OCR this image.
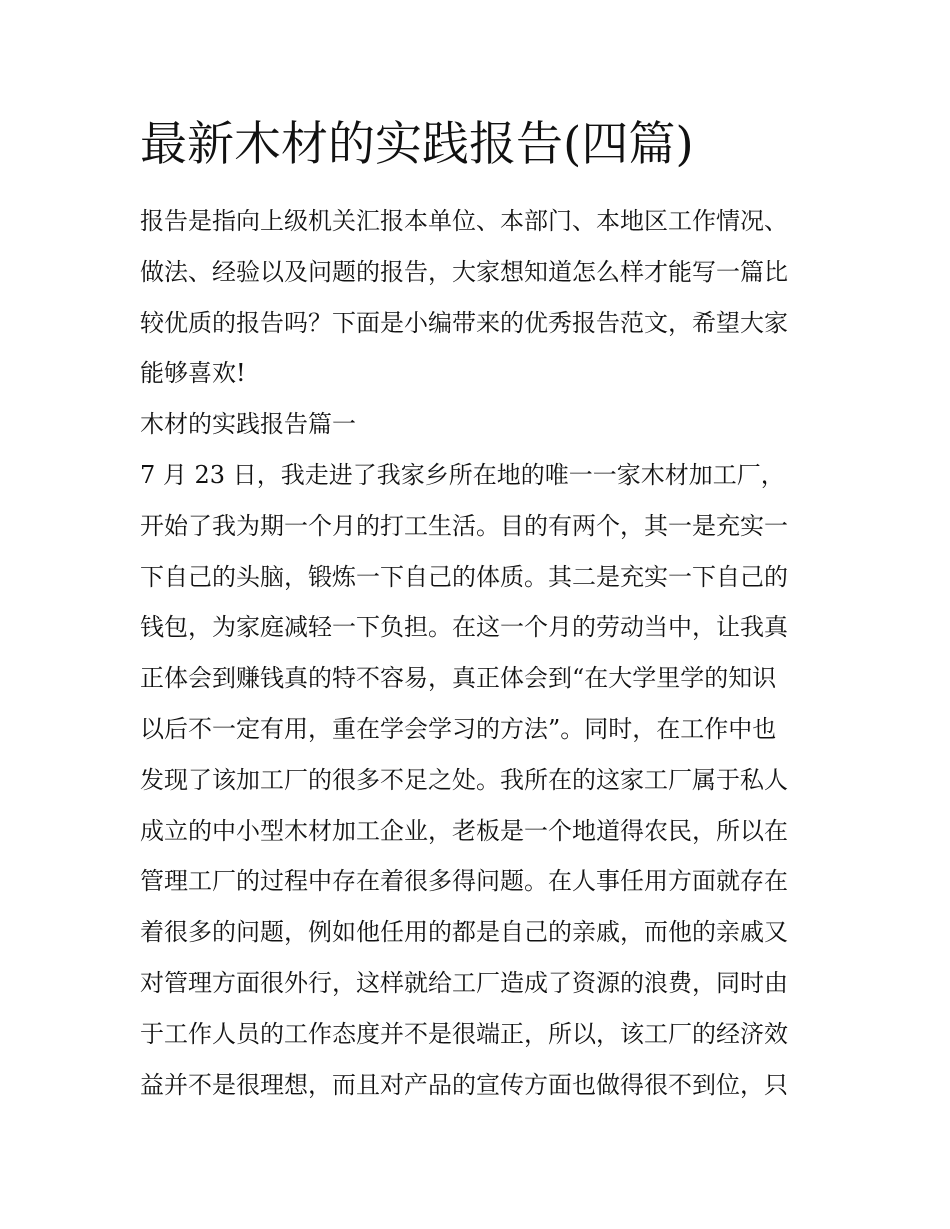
最新木材的实践报告(四篇)
报告是指向上级机关汇报本单位、本部门、本地区工作情况、
做法、经验以及问题的报告，大家想知道怎么样才能写一篇比
较优质的报告吗？下面是小编带来的优秀报告范文，希望大家
能够喜欢!
木材的实践报告篇一
7 月 23 日，我走进了我家乡所在地的唯一一家木材加工厂，
开始了我为期一个月的打工生活。目的有两个，其一是充实一
下自己的头脑，锻炼一下自己的体质。其二是充实一下自己的
钱包，为家庭减轻一下负担。在这一个月的劳动当中，让我真
正体会到赚钱真的特不容易，真正体会到“在大学里学的知识
以后不一定有用，重在学会学习的方法”。同时，在工作中也
发现了该加工厂的很多不足之处。我所在的这家工厂属于私人
成立的中小型木材加工企业，老板是一个地道得农民，所以在
管理工厂的过程中存在着很多得问题。在人事任用方面就存在
着很多的问题，例如他任用的都是自己的亲戚，而他的亲戚又
对管理方面很外行，这样就给工厂造成了资源的浪费，同时由
于工作人员的工作态度并不是很端正，所以，该工厂的经济效
益并不是很理想，而且对产品的宣传方面也做得很不到位，只
